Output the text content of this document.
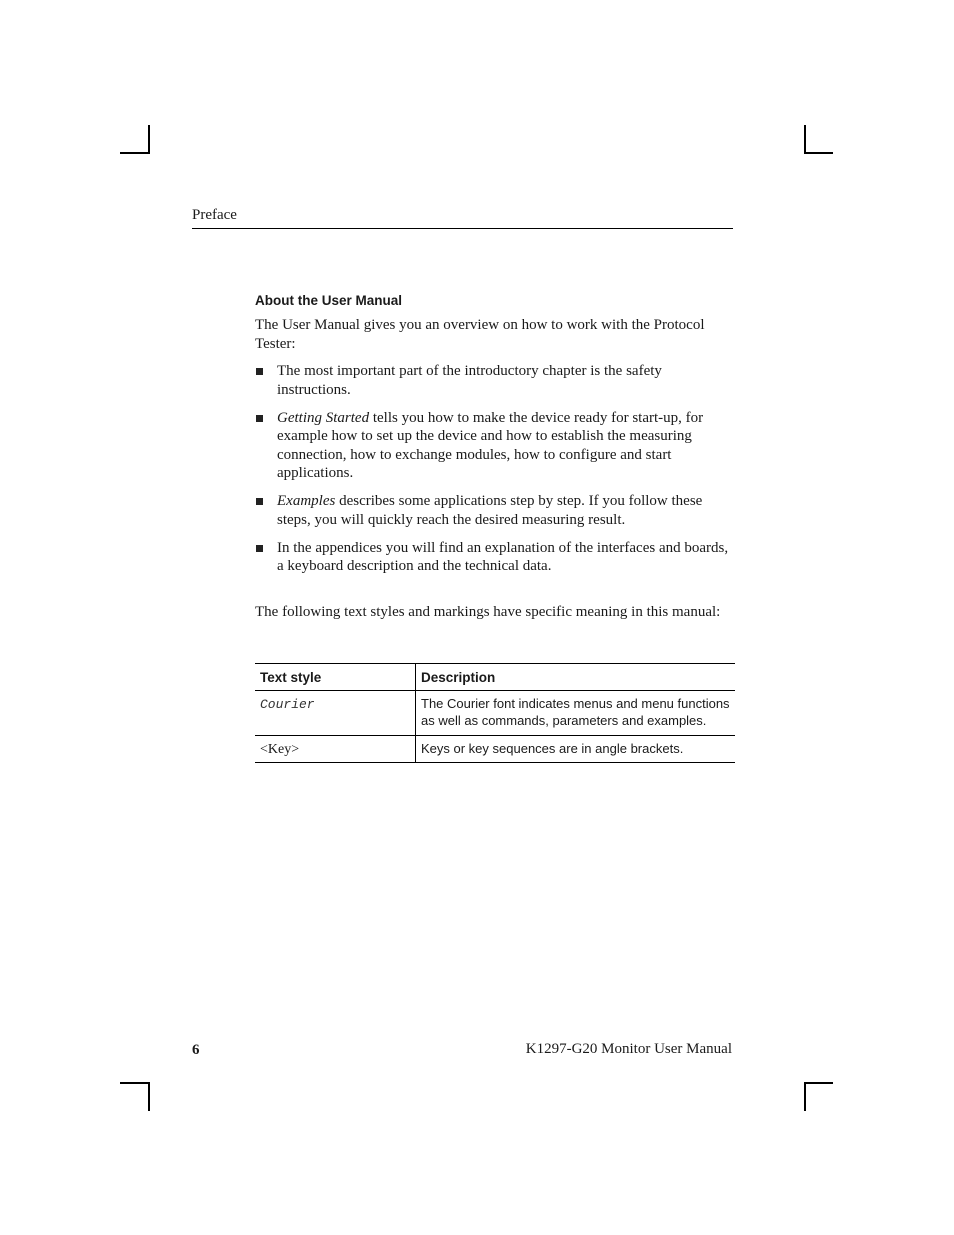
Preface
About the User Manual

The User Manual gives you an overview on how to work with the Protocol Tester:

The most important part of the introductory chapter is the safety instructions.
Getting Started tells you how to make the device ready for start-up, for example how to set up the device and how to establish the measuring connection, how to exchange modules, how to configure and start applications.
Examples describes some applications step by step. If you follow these steps, you will quickly reach the desired measuring result.
In the appendices you will find an explanation of the interfaces and boards, a keyboard description and the technical data.

The following text styles and markings have specific meaning in this manual:

Text style	Description
Courier	The Courier font indicates menus and menu functions as well as commands, parameters and examples.
<Key>	Keys or key sequences are in angle brackets.
6	K1297-G20 Monitor User Manual
